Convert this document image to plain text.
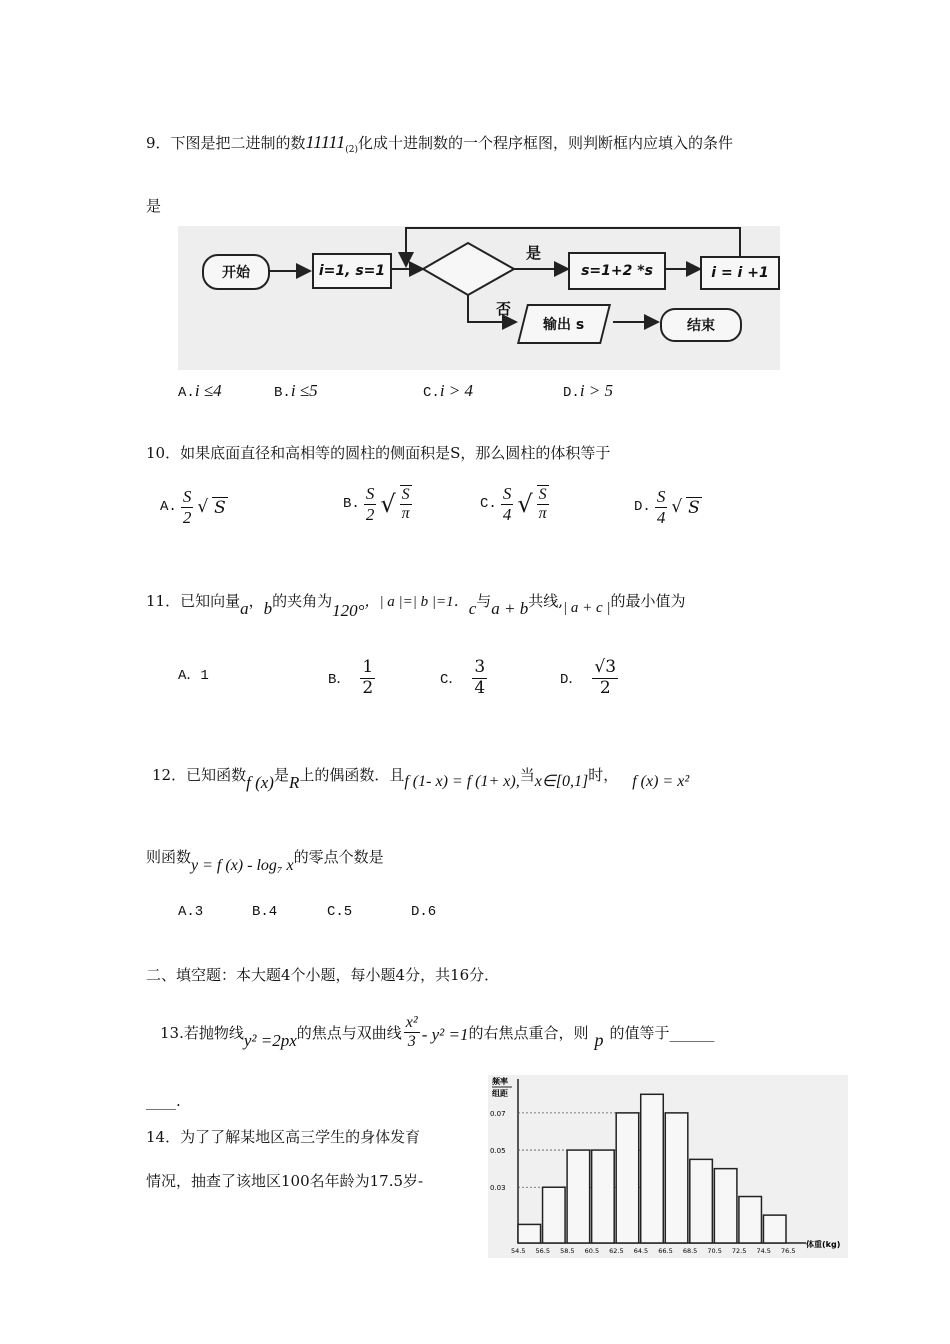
9．下图是把二进制的数$11111_{(2)}$化成十进制数的一个程序框图，则判断框内应填入的条件
是
开始	i=1, s=1
是
否
s=1+2 *s	i = i +1
输出 s	结束
A.i ≤4	B.i ≤5	C.i > 4	D.i > 5
10．如果底面直径和高相等的圆柱的侧面积是S，那么圆柱的体积等于
A. $\frac{S}{2}$ √ S	B. $\frac{S}{2}$ √ $\frac{S}{\pi}$	C. $\frac{S}{4}$ √ $\frac{S}{\pi}$	D. $\frac{S}{4}$ √ S
11．已知向量a，b的夹角为120°，| a |=| b |=1．c与a + b共线,| a + c |的最小值为
A．1	B． $\frac{1}{2}$	C． $\frac{3}{4}$	D． $\frac{√3}{2}$
12．已知函数f (x)是R上的偶函数．且f (1- x) = f (1+ x),当x∈[0,1]时， f (x) = x²
则函数y = f (x) - log₇ x的零点个数是
A.3	B.4	C.5	D.6
二、填空题：本大题4个小题，每小题4分，共16分．
13.若抛物线 y² =2px 的焦点与双曲线 $\frac{\text{x²}}{3} - y^2 =1$ 的右焦点重合，则 p 的值等于______
____.
14．为了了解某地区高三学生的身体发育
情况，抽查了该地区100名年龄为17.5岁-
频率
组距
0.07
0.05
0.03
54.5 56.5 58.5 60.5 62.5 64.5 66.5 68.5 70.5 72.5 74.5 76.5
体重(kg)
